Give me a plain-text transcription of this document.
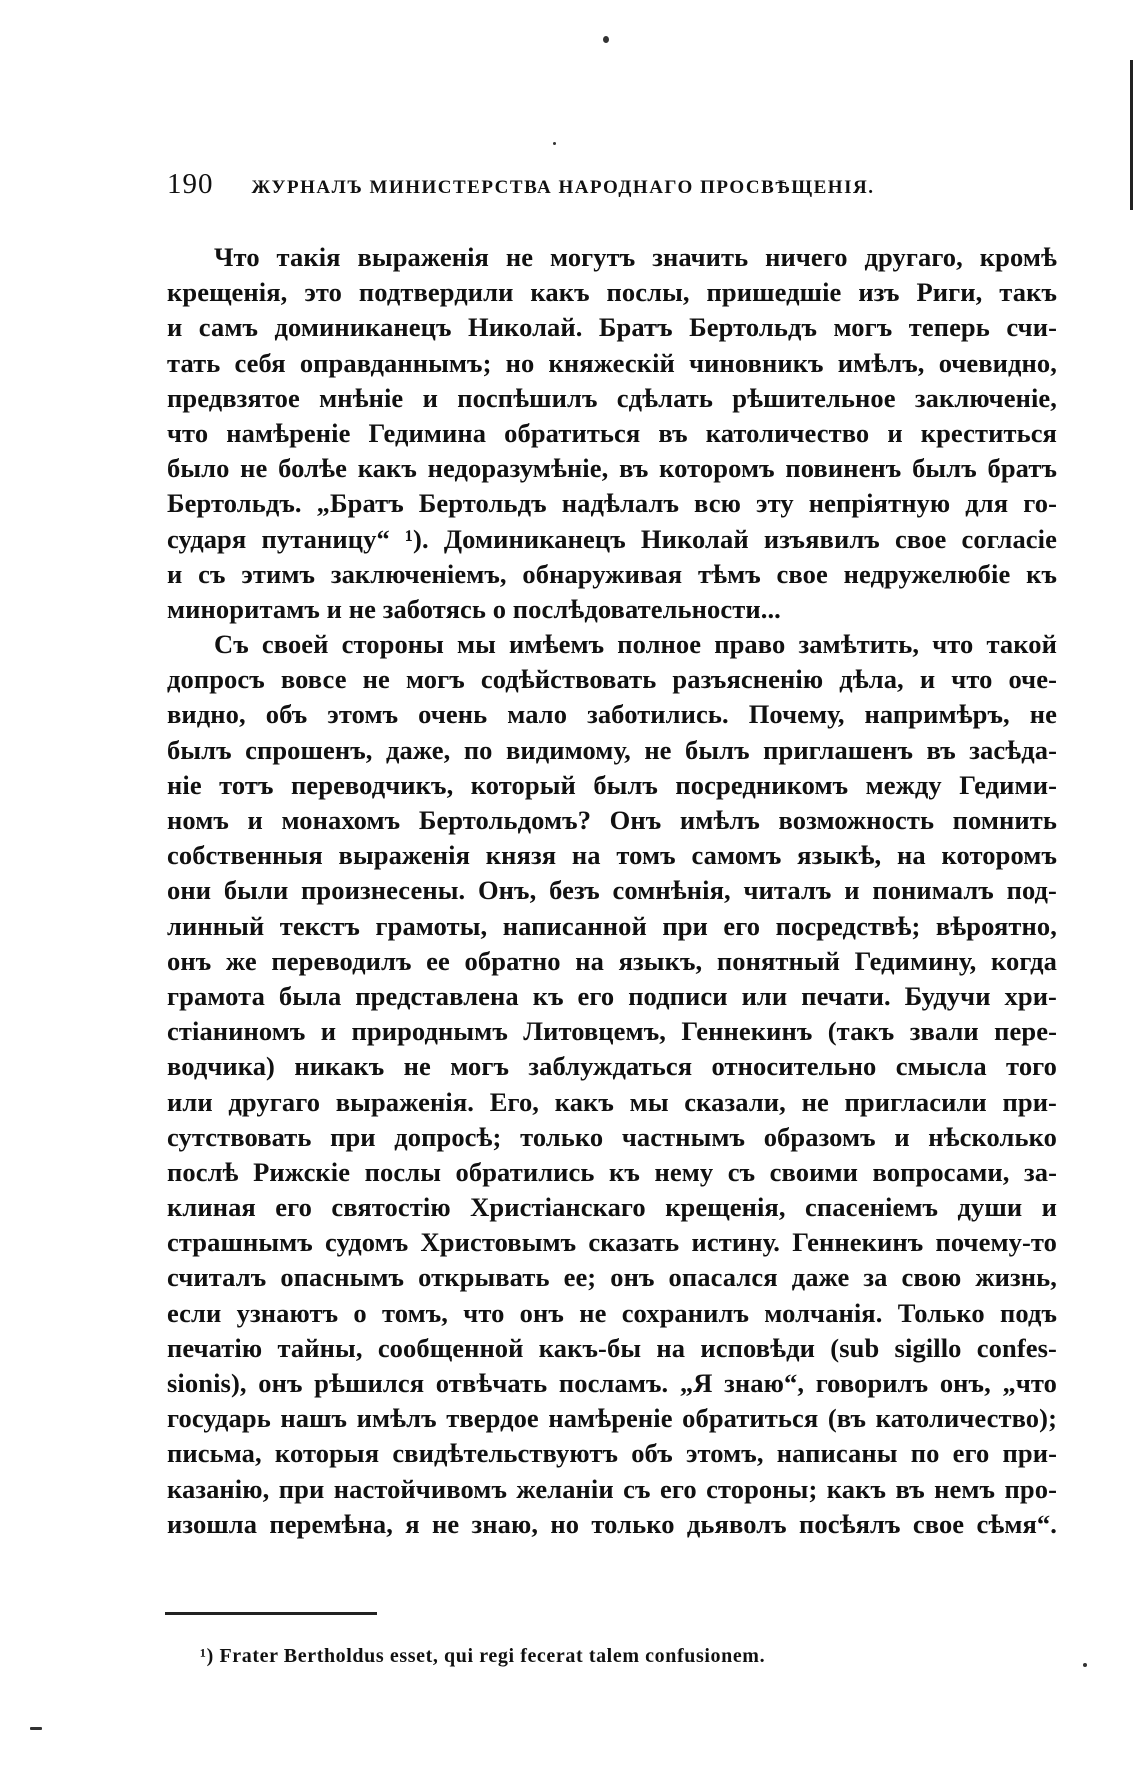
190 ЖУРНАЛЪ МИНИСТЕРСТВА НАРОДНАГО ПРОСВѢЩЕНІЯ.
Что такія выраженія не могутъ значить ничего другаго, кромѣ
крещенія, это подтвердили какъ послы, пришедшіе изъ Риги, такъ
и самъ доминиканецъ Николай. Братъ Бертольдъ могъ теперь счи-
тать себя оправданнымъ; но княжескій чиновникъ имѣлъ, очевидно,
предвзятое мнѣніе и поспѣшилъ сдѣлать рѣшительное заключеніе,
что намѣреніе Гедимина обратиться въ католичество и креститься
было не болѣе какъ недоразумѣніе, въ которомъ повиненъ былъ братъ
Бертольдъ. „Братъ Бертольдъ надѣлалъ всю эту непріятную для го-
сударя путаницу“ ¹). Доминиканецъ Николай изъявилъ свое согласіе
и съ этимъ заключеніемъ, обнаруживая тѣмъ свое недружелюбіе къ
миноритамъ и не заботясь о послѣдовательности...
Съ своей стороны мы имѣемъ полное право замѣтить, что такой
допросъ вовсе не могъ содѣйствовать разъясненію дѣла, и что оче-
видно, объ этомъ очень мало заботились. Почему, напримѣръ, не
былъ спрошенъ, даже, по видимому, не былъ приглашенъ въ засѣда-
ніе тотъ переводчикъ, который былъ посредникомъ между Гедими-
номъ и монахомъ Бертольдомъ? Онъ имѣлъ возможность помнить
собственныя выраженія князя на томъ самомъ языкѣ, на которомъ
они были произнесены. Онъ, безъ сомнѣнія, читалъ и понималъ под-
линный текстъ грамоты, написанной при его посредствѣ; вѣроятно,
онъ же переводилъ ее обратно на языкъ, понятный Гедимину, когда
грамота была представлена къ его подписи или печати. Будучи хри-
стіаниномъ и природнымъ Литовцемъ, Геннекинъ (такъ звали пере-
водчика) никакъ не могъ заблуждаться относительно смысла того
или другаго выраженія. Его, какъ мы сказали, не пригласили при-
сутствовать при допросѣ; только частнымъ образомъ и нѣсколько
послѣ Рижскіе послы обратились къ нему съ своими вопросами, за-
клиная его святостію Христіанскаго крещенія, спасеніемъ души и
страшнымъ судомъ Христовымъ сказать истину. Геннекинъ почему-то
считалъ опаснымъ открывать ее; онъ опасался даже за свою жизнь,
если узнаютъ о томъ, что онъ не сохранилъ молчанія. Только подъ
печатію тайны, сообщенной какъ-бы на исповѣди (sub sigillo confes-
sionis), онъ рѣшился отвѣчать посламъ. „Я знаю“, говорилъ онъ, „что
государь нашъ имѣлъ твердое намѣреніе обратиться (въ католичество);
письма, которыя свидѣтельствуютъ объ этомъ, написаны по его при-
казанію, при настойчивомъ желаніи съ его стороны; какъ въ немъ про-
изошла перемѣна, я не знаю, но только дьяволъ посѣялъ свое сѣмя“.
¹) Frater Bertholdus esset, qui regi fecerat talem confusionem.
